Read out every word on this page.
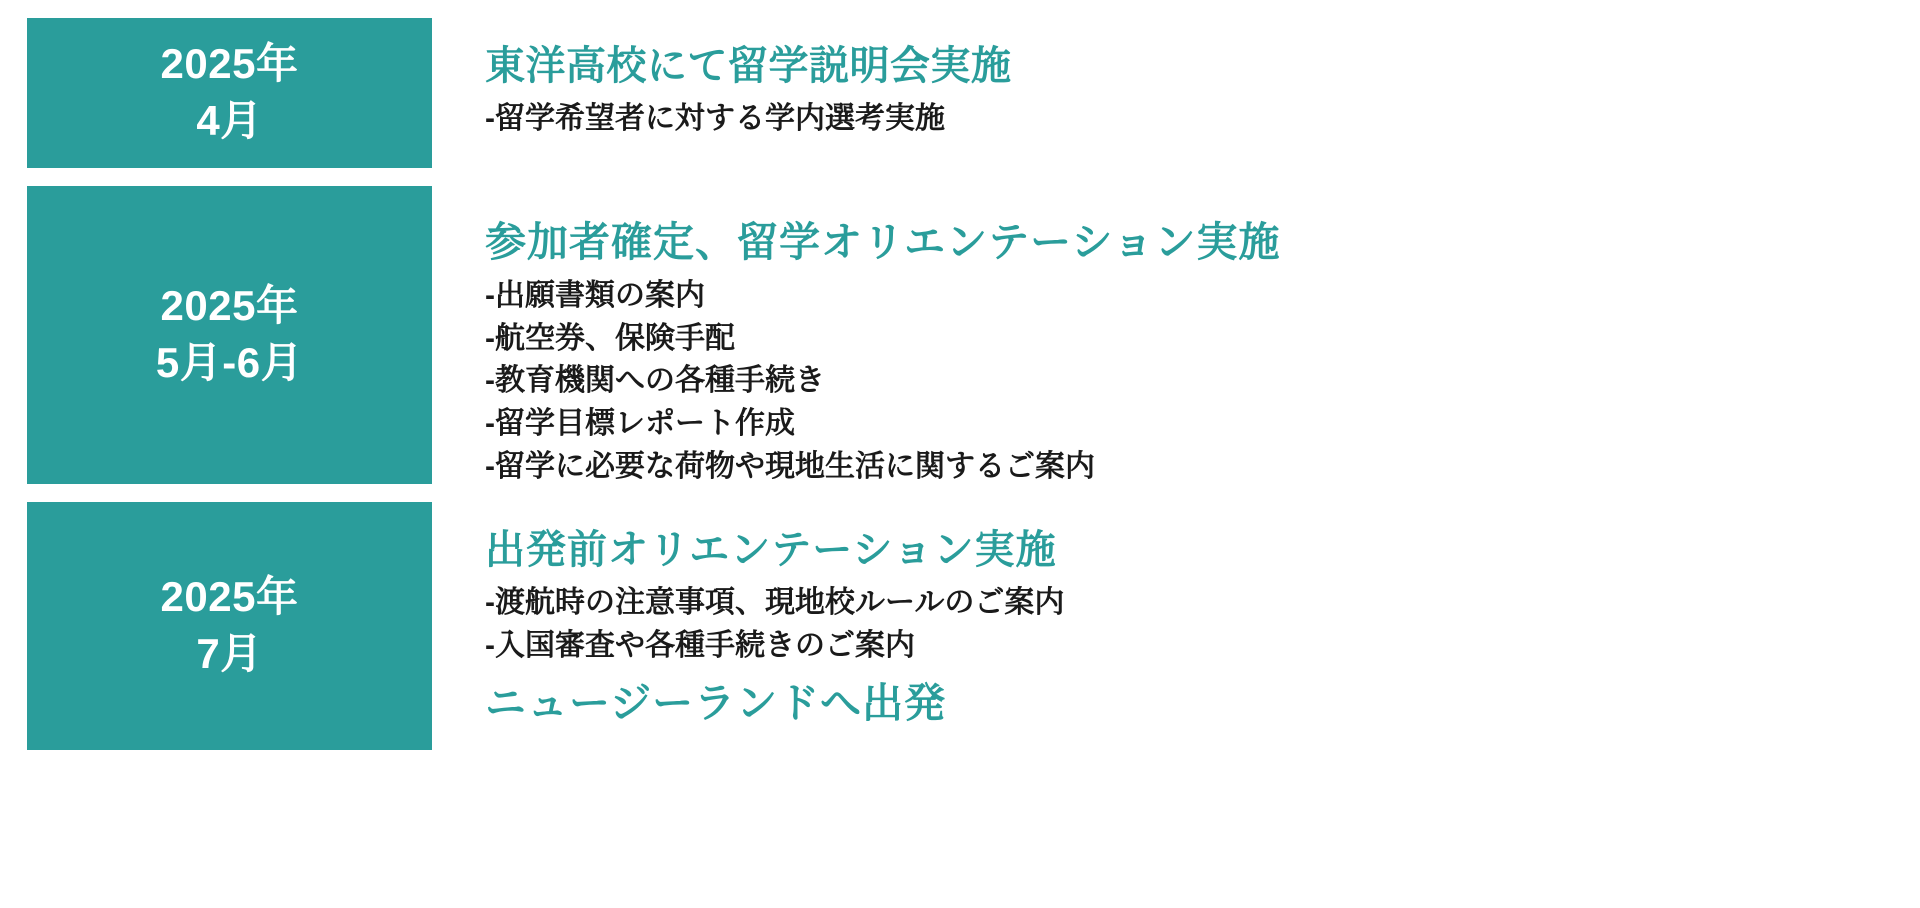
2025年
4月
東洋高校にて留学説明会実施
-留学希望者に対する学内選考実施
2025年
5月-6月
参加者確定、留学オリエンテーション実施
-出願書類の案内
-航空券、保険手配
-教育機関への各種手続き
-留学目標レポート作成
-留学に必要な荷物や現地生活に関するご案内
2025年
7月
出発前オリエンテーション実施
-渡航時の注意事項、現地校ルールのご案内
-入国審査や各種手続きのご案内
ニュージーランドへ出発
